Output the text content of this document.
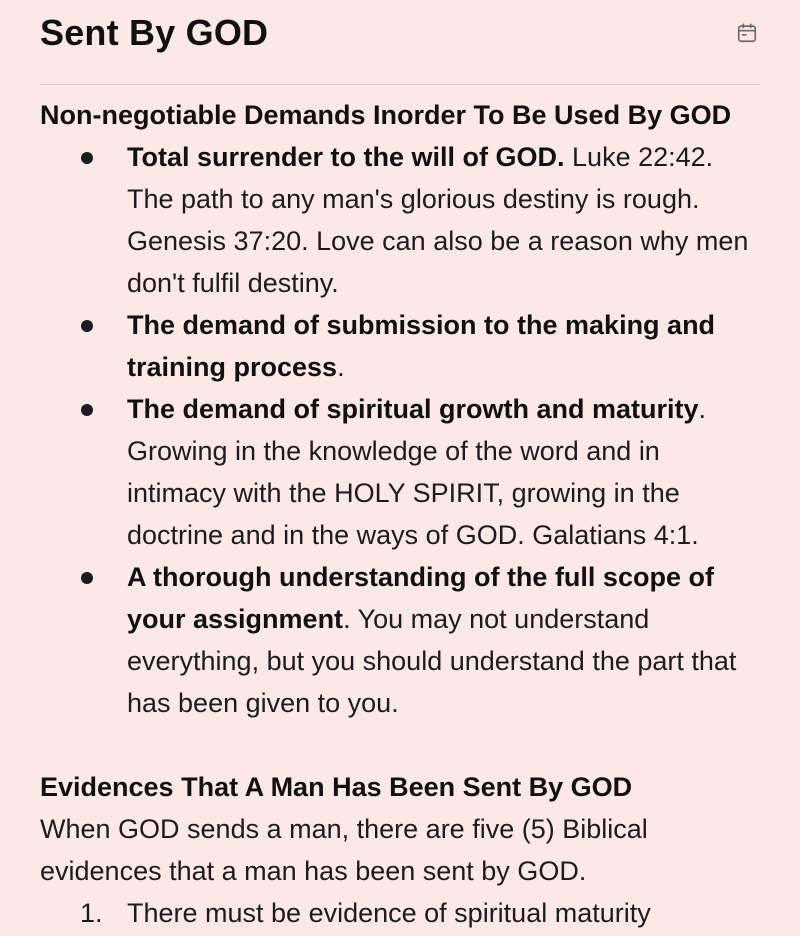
Sent By GOD
Non-negotiable Demands Inorder To Be Used By GOD
Total surrender to the will of GOD. Luke 22:42. The path to any man's glorious destiny is rough. Genesis 37:20. Love can also be a reason why men don't fulfil destiny.
The demand of submission to the making and training process.
The demand of spiritual growth and maturity. Growing in the knowledge of the word and in intimacy with the HOLY SPIRIT, growing in the doctrine and in the ways of GOD. Galatians 4:1.
A thorough understanding of the full scope of your assignment. You may not understand everything, but you should understand the part that has been given to you.
Evidences That A Man Has Been Sent By GOD

When GOD sends a man, there are five (5) Biblical evidences that a man has been sent by GOD.

1. There must be evidence of spiritual maturity
